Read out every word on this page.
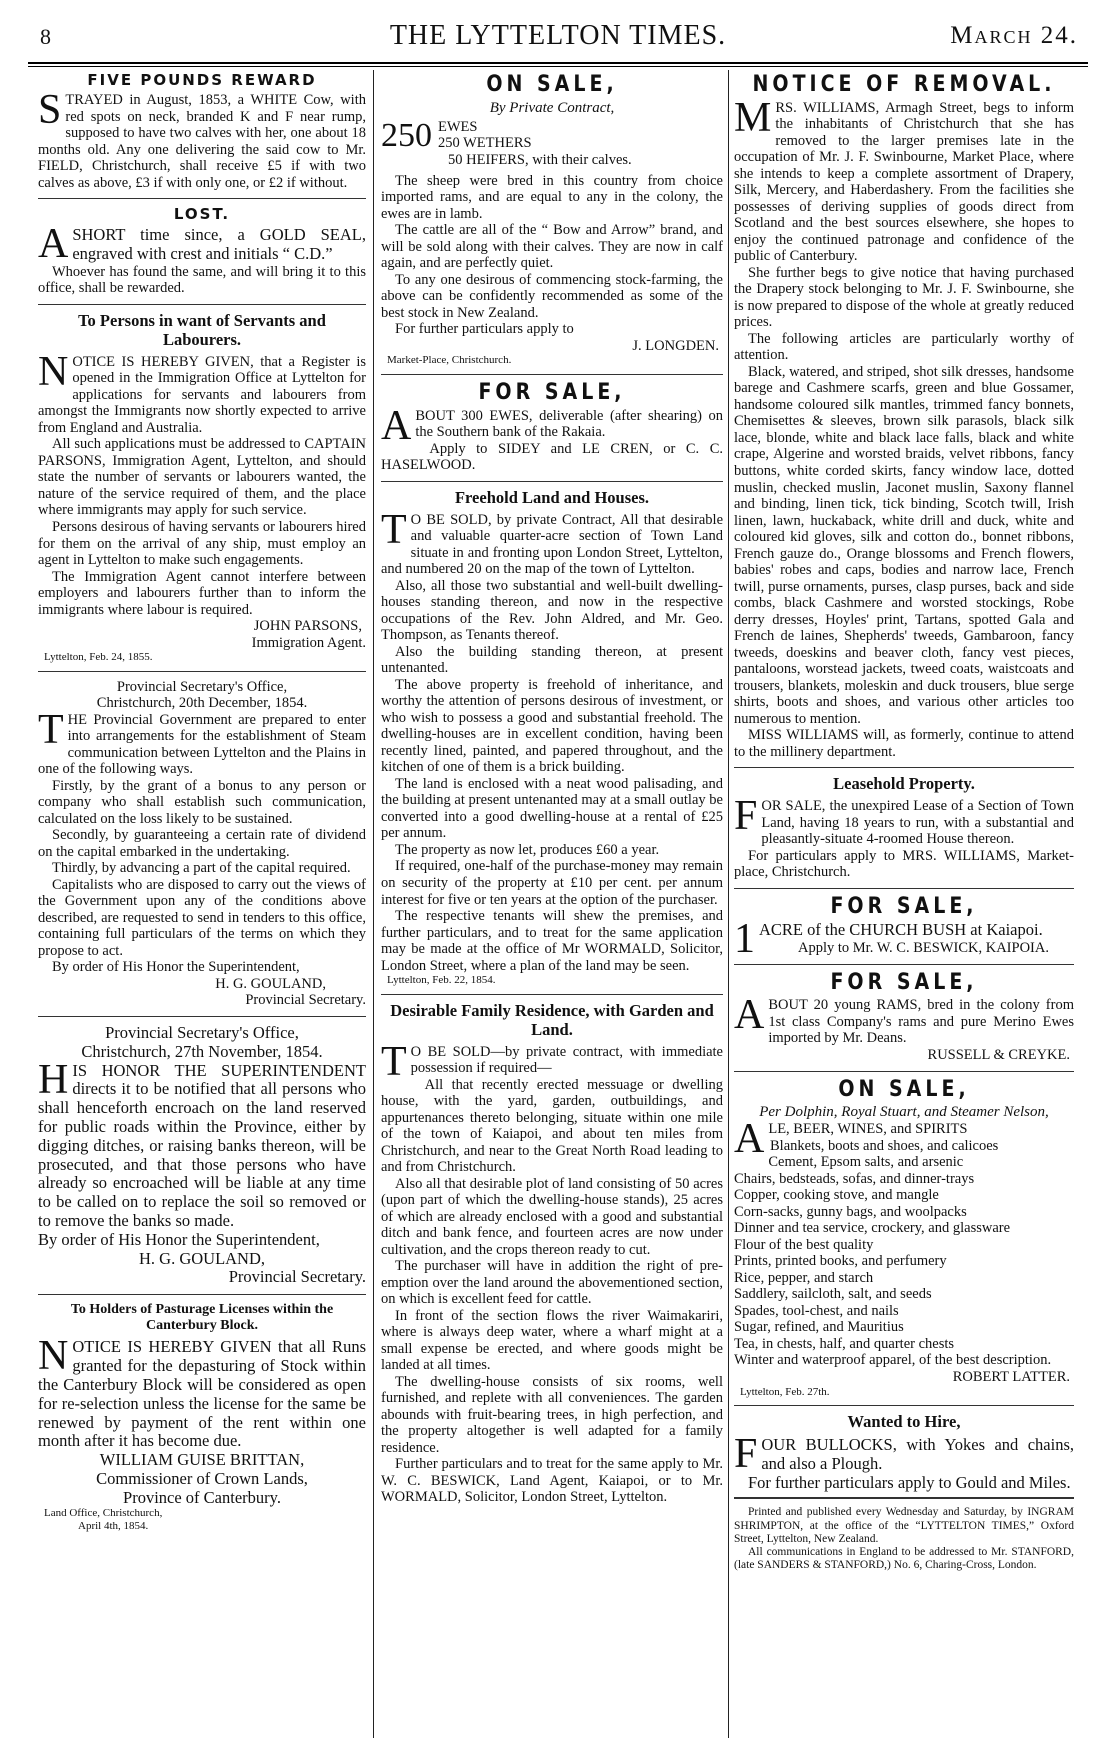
8	THE LYTTELTON TIMES.	March 24.
FIVE POUNDS REWARD

STRAYED in August, 1853, a WHITE Cow, with red spots on neck, branded K and F near rump, supposed to have two calves with her, one about 18 months old. Any one delivering the said cow to Mr. FIELD, Christchurch, shall receive £5 if with two calves as above, £3 if with only one, or £2 if without.

LOST.

ASHORT time since, a GOLD SEAL, engraved with crest and initials “ C.D.”

Whoever has found the same, and will bring it to this office, shall be rewarded.

To Persons in want of Servants and Labourers.

NOTICE IS HEREBY GIVEN, that a Register is opened in the Immigration Office at Lyttelton for applications for servants and labourers from amongst the Immigrants now shortly expected to arrive from England and Australia.

All such applications must be addressed to CAPTAIN PARSONS, Immigration Agent, Lyttelton, and should state the number of servants or labourers wanted, the nature of the service required of them, and the place where immigrants may apply for such service.

Persons desirous of having servants or labourers hired for them on the arrival of any ship, must employ an agent in Lyttelton to make such engagements.

The Immigration Agent cannot interfere between employers and labourers further than to inform the immigrants where labour is required.

JOHN PARSONS,
Immigration Agent.
Lyttelton, Feb. 24, 1855.
Provincial Secretary's Office,
Christchurch, 20th December, 1854.

THE Provincial Government are prepared to enter into arrangements for the establishment of Steam communication between Lyttelton and the Plains in one of the following ways.

Firstly, by the grant of a bonus to any person or company who shall establish such communication, calculated on the loss likely to be sustained.

Secondly, by guaranteeing a certain rate of dividend on the capital embarked in the undertaking.

Thirdly, by advancing a part of the capital required.

Capitalists who are disposed to carry out the views of the Government upon any of the conditions above described, are requested to send in tenders to this office, containing full particulars of the terms on which they propose to act.

By order of His Honor the Superintendent,

H. G. GOULAND,
Provincial Secretary.
Provincial Secretary's Office,
Christchurch, 27th November, 1854.

HIS HONOR THE SUPERINTENDENT directs it to be notified that all persons who shall henceforth encroach on the land reserved for public roads within the Province, either by digging ditches, or raising banks thereon, will be prosecuted, and that those persons who have already so encroached will be liable at any time to be called on to replace the soil so removed or to remove the banks so made.

By order of His Honor the Superintendent,

H. G. GOULAND,
Provincial Secretary.
To Holders of Pasturage Licenses within the Canterbury Block.

NOTICE IS HEREBY GIVEN that all Runs granted for the depasturing of Stock within the Canterbury Block will be considered as open for re-selection unless the license for the same be renewed by payment of the rent within one month after it has become due.

WILLIAM GUISE BRITTAN,
Commissioner of Crown Lands,
Province of Canterbury.
Land Office, Christchurch,
April 4th, 1854.
ON SALE,
By Private Contract,
250 EWES
250 WETHERS
50 HEIFERS, with their calves.

The sheep were bred in this country from choice imported rams, and are equal to any in the colony, the ewes are in lamb.

The cattle are all of the “ Bow and Arrow” brand, and will be sold along with their calves. They are now in calf again, and are perfectly quiet.

To any one desirous of commencing stock-farming, the above can be confidently recommended as some of the best stock in New Zealand.

For further particulars apply to

J. LONGDEN.
Market-Place, Christchurch.
FOR SALE,

ABOUT 300 EWES, deliverable (after shearing) on the Southern bank of the Rakaia.

Apply to SIDEY and LE CREN, or C. C. HASELWOOD.

Freehold Land and Houses.

T O BE SOLD, by private Contract, All that desirable and valuable quarter-acre section of Town Land situate in and fronting upon London Street, Lyttelton, and numbered 20 on the map of the town of Lyttelton.

Also, all those two substantial and well-built dwelling-houses standing thereon, and now in the respective occupations of the Rev. John Aldred, and Mr. Geo. Thompson, as Tenants thereof.

Also the building standing thereon, at present untenanted.

The above property is freehold of inheritance, and worthy the attention of persons desirous of investment, or who wish to possess a good and substantial freehold. The dwelling-houses are in excellent condition, having been recently lined, painted, and papered throughout, and the kitchen of one of them is a brick building.

The land is enclosed with a neat wood palisading, and the building at present untenanted may at a small outlay be converted into a good dwelling-house at a rental of £25 per annum.

The property as now let, produces £60 a year.

If required, one-half of the purchase-money may remain on security of the property at £10 per cent. per annum interest for five or ten years at the option of the purchaser.

The respective tenants will shew the premises, and further particulars, and to treat for the same application may be made at the office of Mr WORMALD, Solicitor, London Street, where a plan of the land may be seen.

Lyttelton, Feb. 22, 1854.
Desirable Family Residence, with Garden and Land.

T O BE SOLD—by private contract, with immediate possession if required—

All that recently erected messuage or dwelling house, with the yard, garden, outbuildings, and appurtenances thereto belonging, situate within one mile of the town of Kaiapoi, and about ten miles from Christchurch, and near to the Great North Road leading to and from Christchurch.

Also all that desirable plot of land consisting of 50 acres (upon part of which the dwelling-house stands), 25 acres of which are already enclosed with a good and substantial ditch and bank fence, and fourteen acres are now under cultivation, and the crops thereon ready to cut.

The purchaser will have in addition the right of pre-emption over the land around the abovementioned section, on which is excellent feed for cattle.

In front of the section flows the river Waimakariri, where is always deep water, where a wharf might at a small expense be erected, and where goods might be landed at all times.

The dwelling-house consists of six rooms, well furnished, and replete with all conveniences. The garden abounds with fruit-bearing trees, in high perfection, and the property altogether is well adapted for a family residence.

Further particulars and to treat for the same apply to Mr. W. C. BESWICK, Land Agent, Kaiapoi, or to Mr. WORMALD, Solicitor, London Street, Lyttelton.

NOTICE OF REMOVAL.

MRS. WILLIAMS, Armagh Street, begs to inform the inhabitants of Christchurch that she has removed to the larger premises late in the occupation of Mr. J. F. Swinbourne, Market Place, where she intends to keep a complete assortment of Drapery, Silk, Mercery, and Haberdashery. From the facilities she possesses of deriving supplies of goods direct from Scotland and the best sources elsewhere, she hopes to enjoy the continued patronage and confidence of the public of Canterbury.

She further begs to give notice that having purchased the Drapery stock belonging to Mr. J. F. Swinbourne, she is now prepared to dispose of the whole at greatly reduced prices.

The following articles are particularly worthy of attention.

Black, watered, and striped, shot silk dresses, handsome barege and Cashmere scarfs, green and blue Gossamer, handsome coloured silk mantles, trimmed fancy bonnets, Chemisettes & sleeves, brown silk parasols, black silk lace, blonde, white and black lace falls, black and white crape, Algerine and worsted braids, velvet ribbons, fancy buttons, white corded skirts, fancy window lace, dotted muslin, checked muslin, Jaconet muslin, Saxony flannel and binding, linen tick, tick binding, Scotch twill, Irish linen, lawn, huckaback, white drill and duck, white and coloured kid gloves, silk and cotton do., bonnet ribbons, French gauze do., Orange blossoms and French flowers, babies' robes and caps, bodies and narrow lace, French twill, purse ornaments, purses, clasp purses, back and side combs, black Cashmere and worsted stockings, Robe derry dresses, Hoyles' print, Tartans, spotted Gala and French de laines, Shepherds' tweeds, Gambaroon, fancy tweeds, doeskins and beaver cloth, fancy vest pieces, pantaloons, worstead jackets, tweed coats, waistcoats and trousers, blankets, moleskin and duck trousers, blue serge shirts, boots and shoes, and various other articles too numerous to mention.

MISS WILLIAMS will, as formerly, continue to attend to the millinery department.

Leasehold Property.

FOR SALE, the unexpired Lease of a Section of Town Land, having 18 years to run, with a substantial and pleasantly-situate 4-roomed House thereon.

For particulars apply to MRS. WILLIAMS, Market-place, Christchurch.

FOR SALE,

1 ACRE of the CHURCH BUSH at Kaiapoi.

Apply to Mr. W. C. BESWICK, KAIPOIA.

FOR SALE,

ABOUT 20 young RAMS, bred in the colony from 1st class Company's rams and pure Merino Ewes imported by Mr. Deans.

RUSSELL & CREYKE.
ON SALE,
Per Dolphin, Royal Stuart, and Steamer Nelson,

ALE, BEER, WINES, and SPIRITS

Blankets, boots and shoes, and calicoes
Cement, Epsom salts, and arsenic
Chairs, bedsteads, sofas, and dinner-trays
Copper, cooking stove, and mangle
Corn-sacks, gunny bags, and woolpacks
Dinner and tea service, crockery, and glassware
Flour of the best quality
Prints, printed books, and perfumery
Rice, pepper, and starch
Saddlery, sailcloth, salt, and seeds
Spades, tool-chest, and nails
Sugar, refined, and Mauritius
Tea, in chests, half, and quarter chests
Winter and waterproof apparel, of the best description.
ROBERT LATTER.
Lyttelton, Feb. 27th.
Wanted to Hire,

FOUR BULLOCKS, with Yokes and chains, and also a Plough.

For further particulars apply to Gould and Miles.

Printed and published every Wednesday and Saturday, by INGRAM SHRIMPTON, at the office of the “LYTTELTON TIMES,” Oxford Street, Lyttelton, New Zealand.

All communications in England to be addressed to Mr. STANFORD, (late SANDERS & STANFORD,) No. 6, Charing-Cross, London.
